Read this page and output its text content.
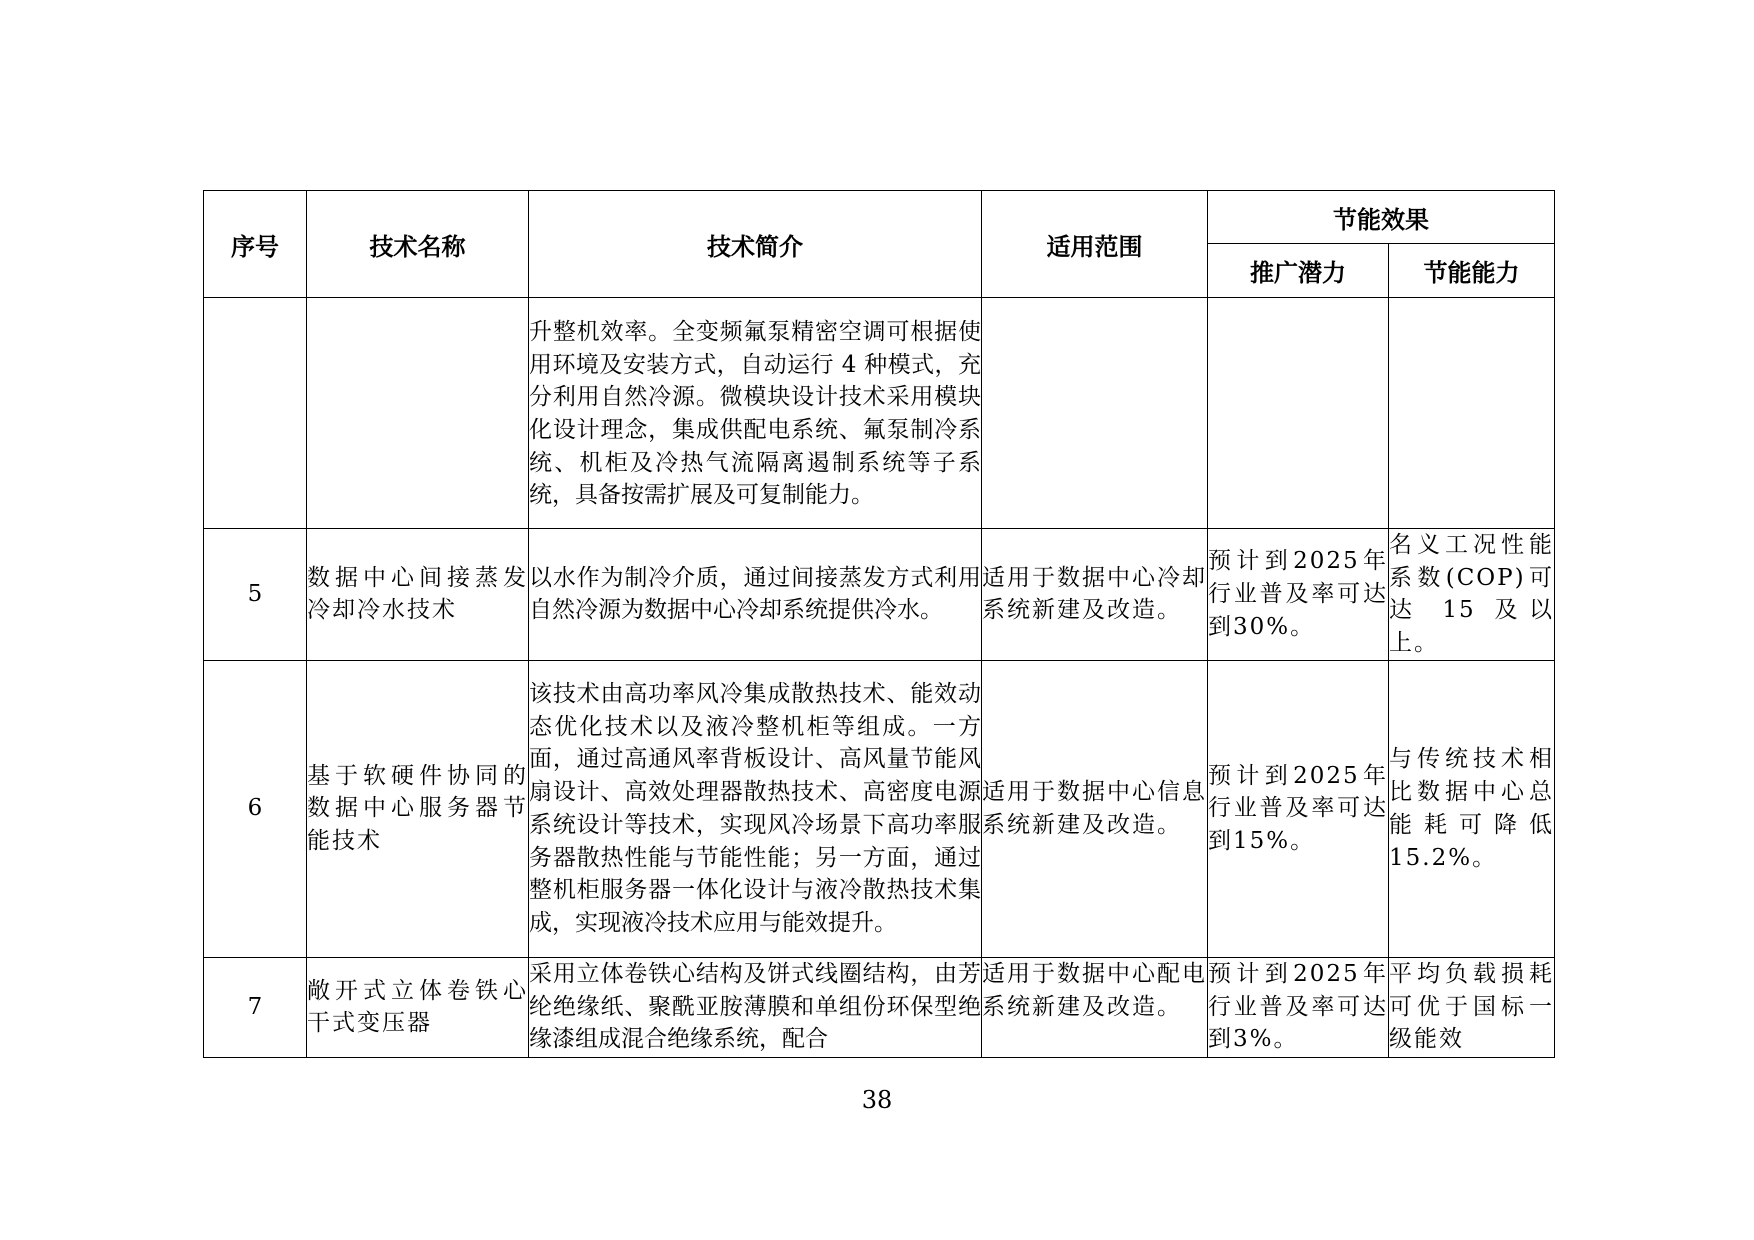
序号	技术名称	技术简介	适用范围	节能效果	
				推广潜力	节能能力
		升整机效率。全变频氟泵精密空调可根据使用环境及安装方式，自动运行 4 种模式，充分利用自然冷源。微模块设计技术采用模块化设计理念，集成供配电系统、氟泵制冷系统、机柜及冷热气流隔离遏制系统等子系统，具备按需扩展及可复制能力。			
5	数据中心间接蒸发冷却冷水技术	以水作为制冷介质，通过间接蒸发方式利用自然冷源为数据中心冷却系统提供冷水。	适用于数据中心冷却系统新建及改造。	预计到2025年行业普及率可达到30%。	名义工况性能系数(COP)可达 15 及以上。
6	基于软硬件协同的数据中心服务器节能技术	该技术由高功率风冷集成散热技术、能效动态优化技术以及液冷整机柜等组成。一方面，通过高通风率背板设计、高风量节能风扇设计、高效处理器散热技术、高密度电源系统设计等技术，实现风冷场景下高功率服务器散热性能与节能性能；另一方面，通过整机柜服务器一体化设计与液冷散热技术集成，实现液冷技术应用与能效提升。	适用于数据中心信息系统新建及改造。	预计到2025年行业普及率可达到15%。	与传统技术相比数据中心总能耗可降低15.2%。
7	敞开式立体卷铁心干式变压器	采用立体卷铁心结构及饼式线圈结构，由芳纶绝缘纸、聚酰亚胺薄膜和单组份环保型绝缘漆组成混合绝缘系统，配合	适用于数据中心配电系统新建及改造。	预计到2025年行业普及率可达到3%。	平均负载损耗可优于国标一级能效
38
